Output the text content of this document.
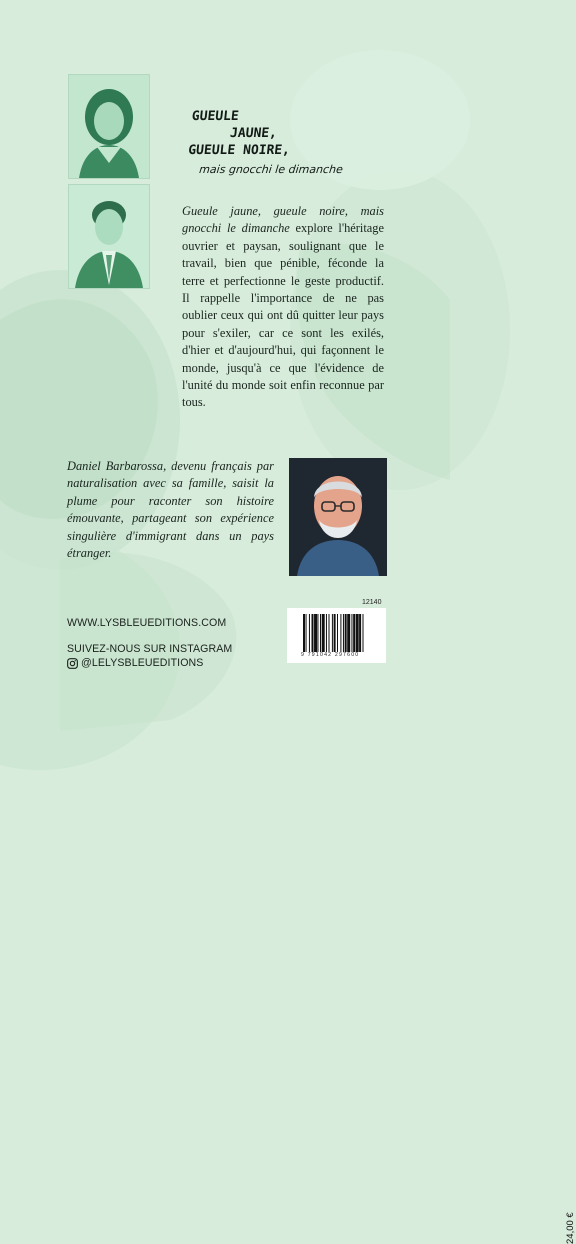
GUEULE
JAUNE,
GUEULE NOIRE,
mais gnocchi le dimanche
Gueule jaune, gueule noire, mais gnocchi le dimanche explore l'héritage ouvrier et paysan, soulignant que le travail, bien que pénible, féconde la terre et perfectionne le geste productif. Il rappelle l'importance de ne pas oublier ceux qui ont dû quitter leur pays pour s'exiler, car ce sont les exilés, d'hier et d'aujourd'hui, qui façonnent le monde, jusqu'à ce que l'évidence de l'unité du monde soit enfin reconnue par tous.
Daniel Barbarossa, devenu français par naturalisation avec sa famille, saisit la plume pour raconter son histoire émouvante, partageant son expérience singulière d'immigrant dans un pays étranger.
WWW.LYSBLEUEDITIONS.COM
SUIVEZ-NOUS SUR INSTAGRAM
@LELYSBLEUEDITIONS
12140
24,00 €
9 791042 297600
